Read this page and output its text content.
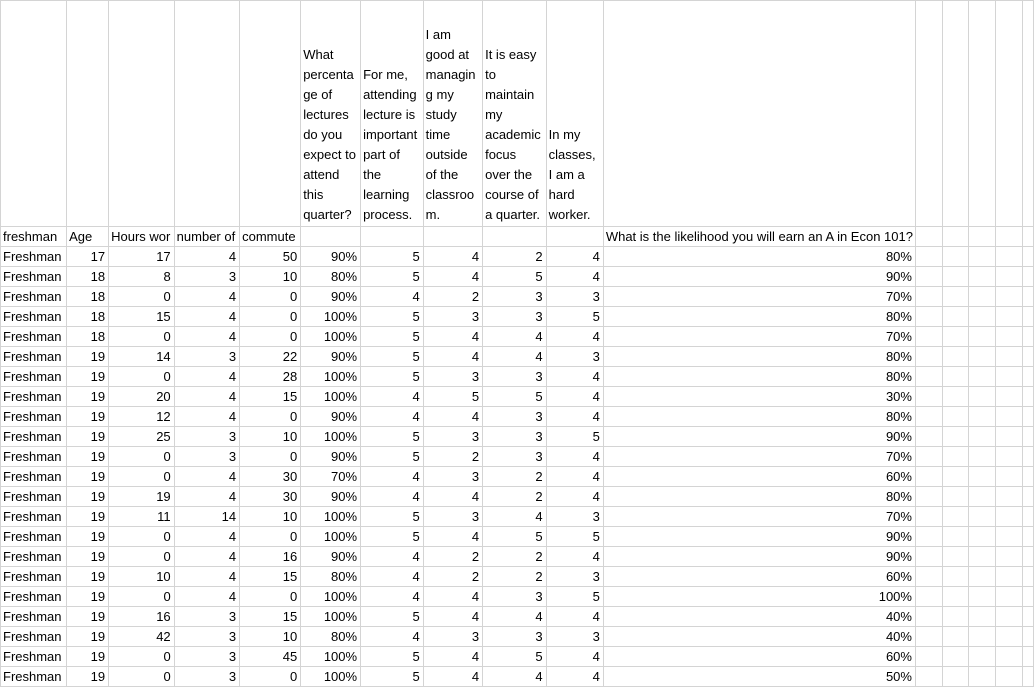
					What percenta ge of lectures do you expect to attend this quarter?	For me, attending lecture is important part of the learning process.	I am good at managin g my study time outside of the classroo m.	It is easy to maintain my academic focus over the course of a quarter.	In my classes, I am a hard worker.						
freshman	Age	Hours wor	number of	commute						What is the likelihood you will earn an A in Econ 101?					
Freshman	17	17	4	50	90%	5	4	2	4	80%					
Freshman	18	8	3	10	80%	5	4	5	4	90%					
Freshman	18	0	4	0	90%	4	2	3	3	70%					
Freshman	18	15	4	0	100%	5	3	3	5	80%					
Freshman	18	0	4	0	100%	5	4	4	4	70%					
Freshman	19	14	3	22	90%	5	4	4	3	80%					
Freshman	19	0	4	28	100%	5	3	3	4	80%					
Freshman	19	20	4	15	100%	4	5	5	4	30%					
Freshman	19	12	4	0	90%	4	4	3	4	80%					
Freshman	19	25	3	10	100%	5	3	3	5	90%					
Freshman	19	0	3	0	90%	5	2	3	4	70%					
Freshman	19	0	4	30	70%	4	3	2	4	60%					
Freshman	19	19	4	30	90%	4	4	2	4	80%					
Freshman	19	11	14	10	100%	5	3	4	3	70%					
Freshman	19	0	4	0	100%	5	4	5	5	90%					
Freshman	19	0	4	16	90%	4	2	2	4	90%					
Freshman	19	10	4	15	80%	4	2	2	3	60%					
Freshman	19	0	4	0	100%	4	4	3	5	100%					
Freshman	19	16	3	15	100%	5	4	4	4	40%					
Freshman	19	42	3	10	80%	4	3	3	3	40%					
Freshman	19	0	3	45	100%	5	4	5	4	60%					
Freshman	19	0	3	0	100%	5	4	4	4	50%					
